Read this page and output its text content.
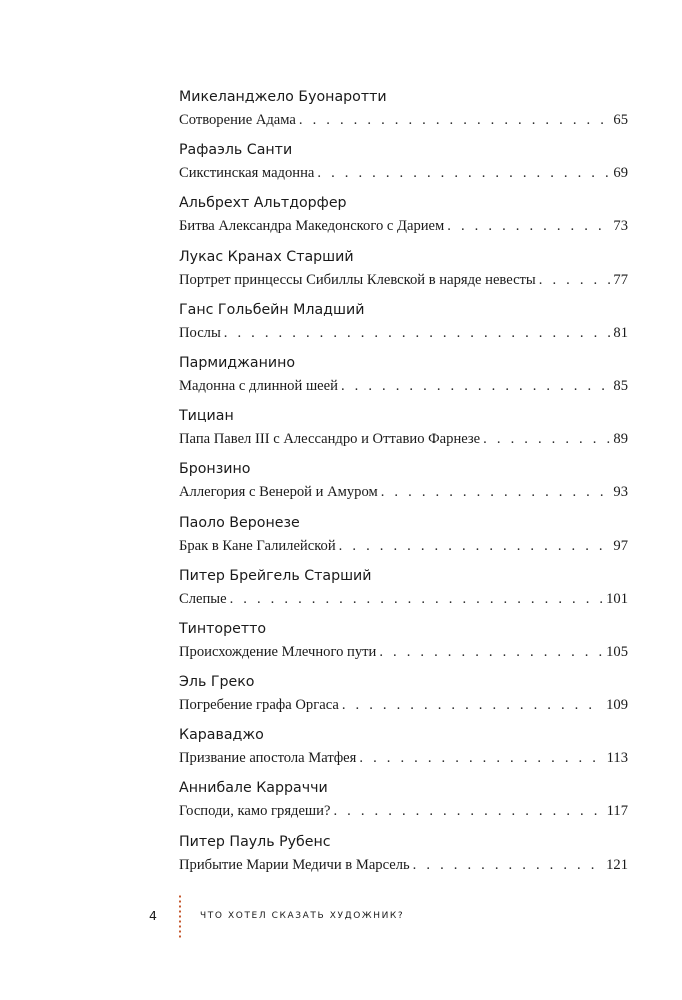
Микеланджело Буонаротти
Сотворение Адама . . .	65
Рафаэль Санти
Сикстинская мадонна . . .	69
Альбрехт Альтдорфер
Битва Александра Македонского с Дарием . . .	73
Лукас Кранах Старший
Портрет принцессы Сибиллы Клевской в наряде невесты . . .	77
Ганс Гольбейн Младший
Послы . . .	81
Пармиджанино
Мадонна с длинной шеей . . .	85
Тициан
Папа Павел III с Алессандро и Оттавио Фарнезе . . .	89
Бронзино
Аллегория с Венерой и Амуром . . .	93
Паоло Веронезе
Брак в Кане Галилейской . . .	97
Питер Брейгель Старший
Слепые . . .	101
Тинторетто
Происхождение Млечного пути . . .	105
Эль Греко
Погребение графа Оргаса . . .	109
Караваджо
Призвание апостола Матфея . . .	113
Аннибале Карраччи
Господи, камо грядеши? . . .	117
Питер Пауль Рубенс
Прибытие Марии Медичи в Марсель . . .	121
4	ЧТО ХОТЕЛ СКАЗАТЬ ХУДОЖНИК?
